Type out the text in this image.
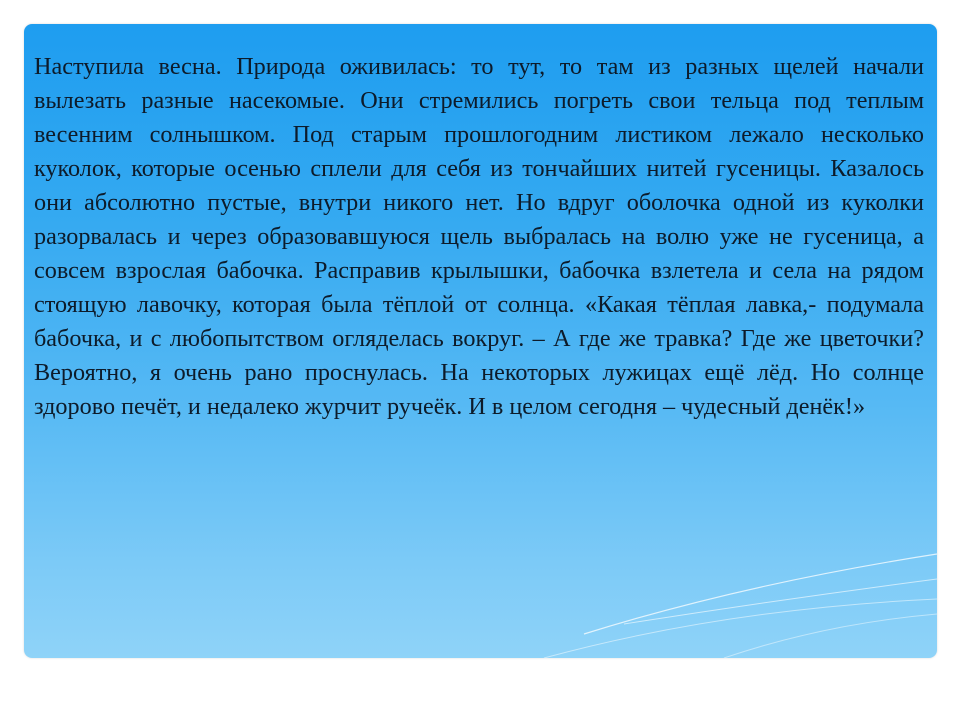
Наступила весна. Природа оживилась: то тут, то там из разных щелей начали вылезать разные насекомые. Они стремились погреть свои тельца под теплым весенним солнышком. Под старым прошлогодним листиком лежало несколько куколок, которые осенью сплели для себя из тончайших нитей гусеницы. Казалось они абсолютно пустые, внутри никого нет. Но вдруг оболочка одной из куколки разорвалась и через образовавшуюся щель выбралась на волю уже не гусеница, а совсем взрослая бабочка. Расправив крылышки, бабочка взлетела и села на рядом стоящую лавочку, которая была тёплой от солнца. «Какая тёплая лавка,- подумала бабочка, и с любопытством огляделась вокруг. – А где же травка? Где же цветочки? Вероятно, я очень рано проснулась. На некоторых лужицах ещё лёд. Но солнце здорово печёт, и недалеко журчит ручеёк. И в целом сегодня – чудесный денёк!»
